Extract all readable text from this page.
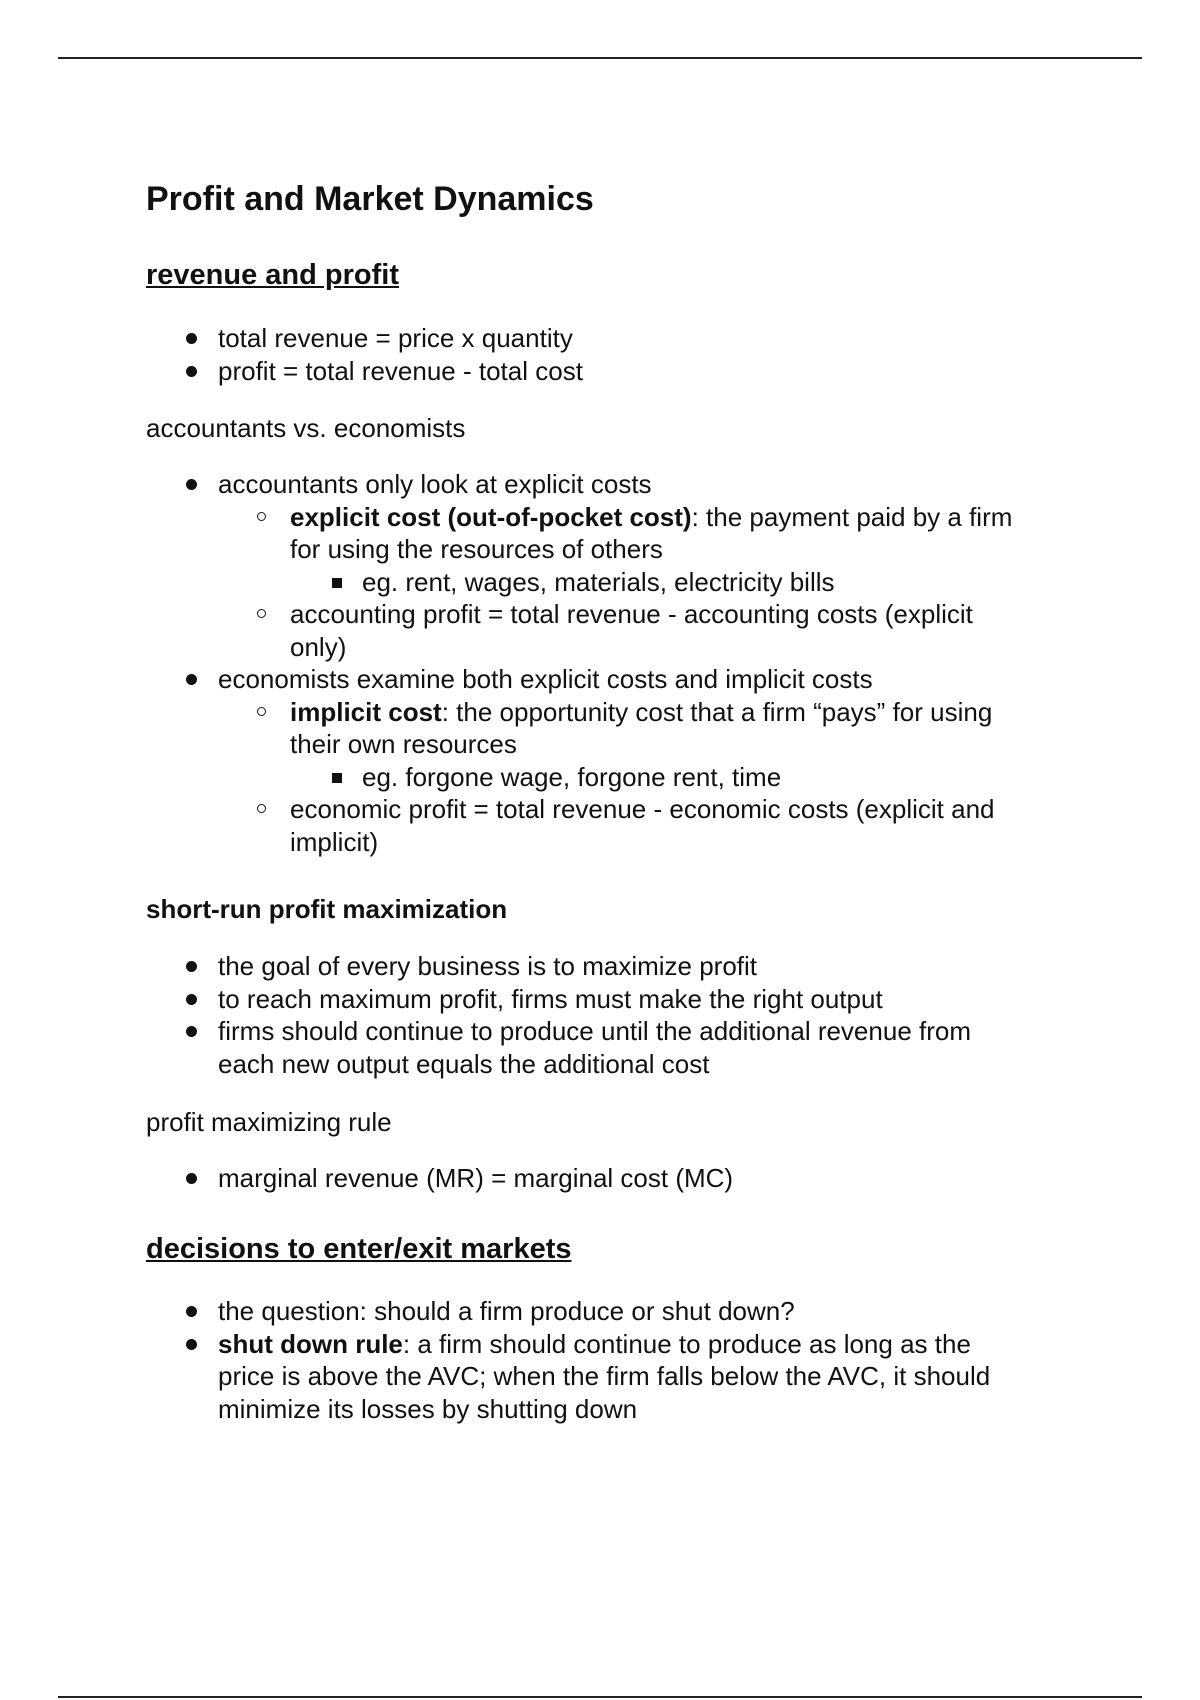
Profit and Market Dynamics
revenue and profit
total revenue = price x quantity
profit = total revenue - total cost
accountants vs. economists
accountants only look at explicit costs
explicit cost (out-of-pocket cost): the payment paid by a firm
for using the resources of others
eg. rent, wages, materials, electricity bills
accounting profit = total revenue - accounting costs (explicit
only)
economists examine both explicit costs and implicit costs
implicit cost: the opportunity cost that a firm “pays” for using
their own resources
eg. forgone wage, forgone rent, time
economic profit = total revenue - economic costs (explicit and
implicit)
short-run profit maximization
the goal of every business is to maximize profit
to reach maximum profit, firms must make the right output
firms should continue to produce until the additional revenue from
each new output equals the additional cost
profit maximizing rule
marginal revenue (MR) = marginal cost (MC)
decisions to enter/exit markets
the question: should a firm produce or shut down?
shut down rule: a firm should continue to produce as long as the
price is above the AVC; when the firm falls below the AVC, it should
minimize its losses by shutting down
